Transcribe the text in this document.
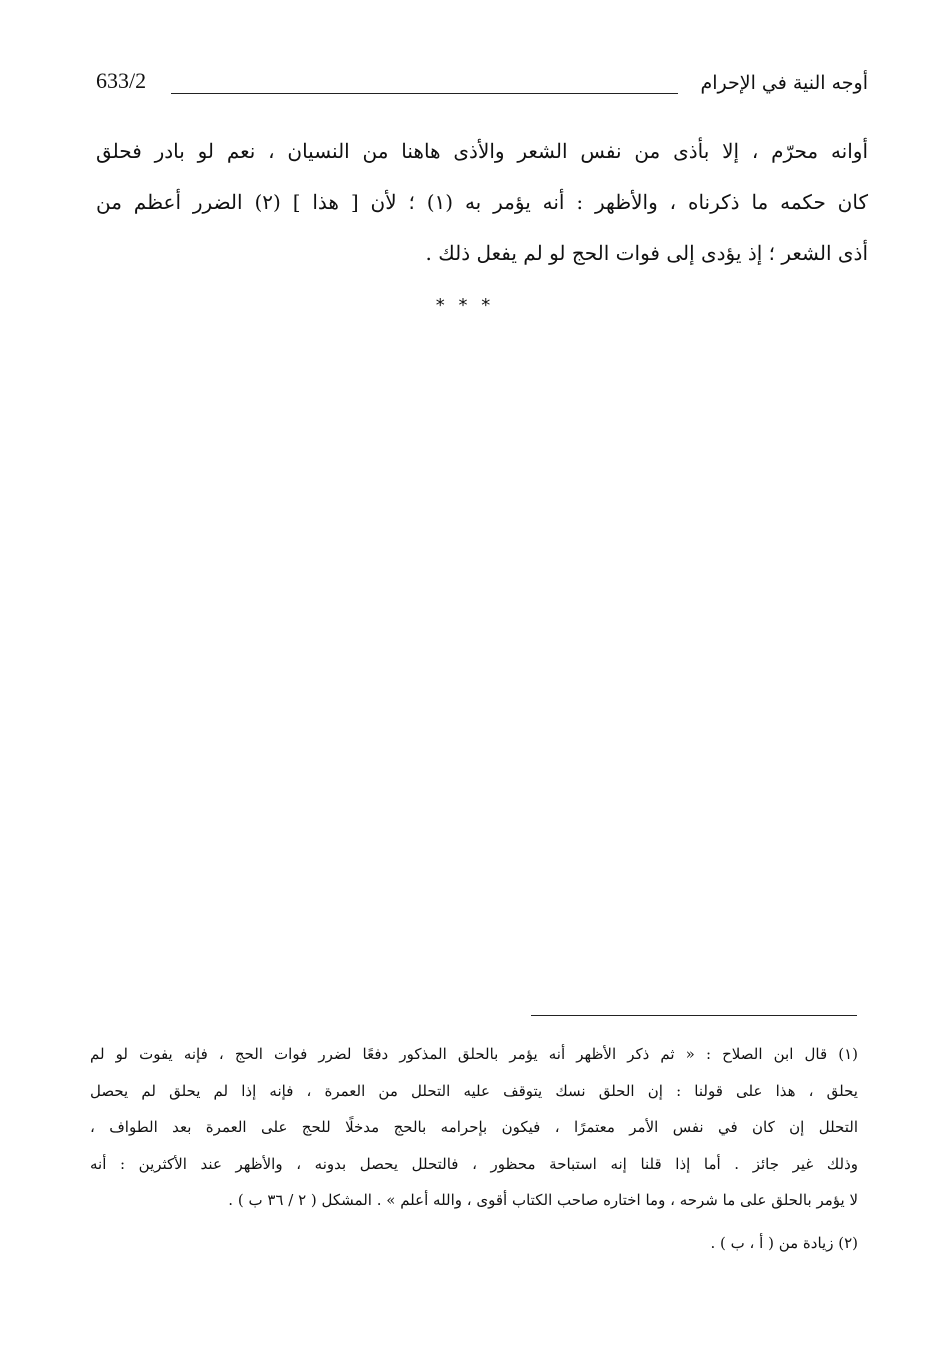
633/2	أوجه النية في الإحرام
أوانه محرّم ، إلا بأذى من نفس الشعر والأذى هاهنا من النسيان ، نعم لو بادر فحلق
كان حكمه ما ذكرناه ، والأظهر : أنه يؤمر به (١) ؛ لأن [ هذا ] (٢) الضرر أعظم من
أذى الشعر ؛ إذ يؤدى إلى فوات الحج لو لم يفعل ذلك .
* * *
(١) قال ابن الصلاح : « ثم ذكر الأظهر أنه يؤمر بالحلق المذكور دفعًا لضرر فوات الحج ، فإنه يفوت لو لم
يحلق ، هذا على قولنا : إن الحلق نسك يتوقف عليه التحلل من العمرة ، فإنه إذا لم يحلق لم يحصل
التحلل إن كان في نفس الأمر معتمرًا ، فيكون بإحرامه بالحج مدخلًا للحج على العمرة بعد الطواف ،
وذلك غير جائز . أما إذا قلنا إنه استباحة محظور ، فالتحلل يحصل بدونه ، والأظهر عند الأكثرين : أنه
لا يؤمر بالحلق على ما شرحه ، وما اختاره صاحب الكتاب أقوى ، والله أعلم » . المشكل ( ٢ / ٣٦ ب ) .
(٢) زيادة من ( أ ، ب ) .
